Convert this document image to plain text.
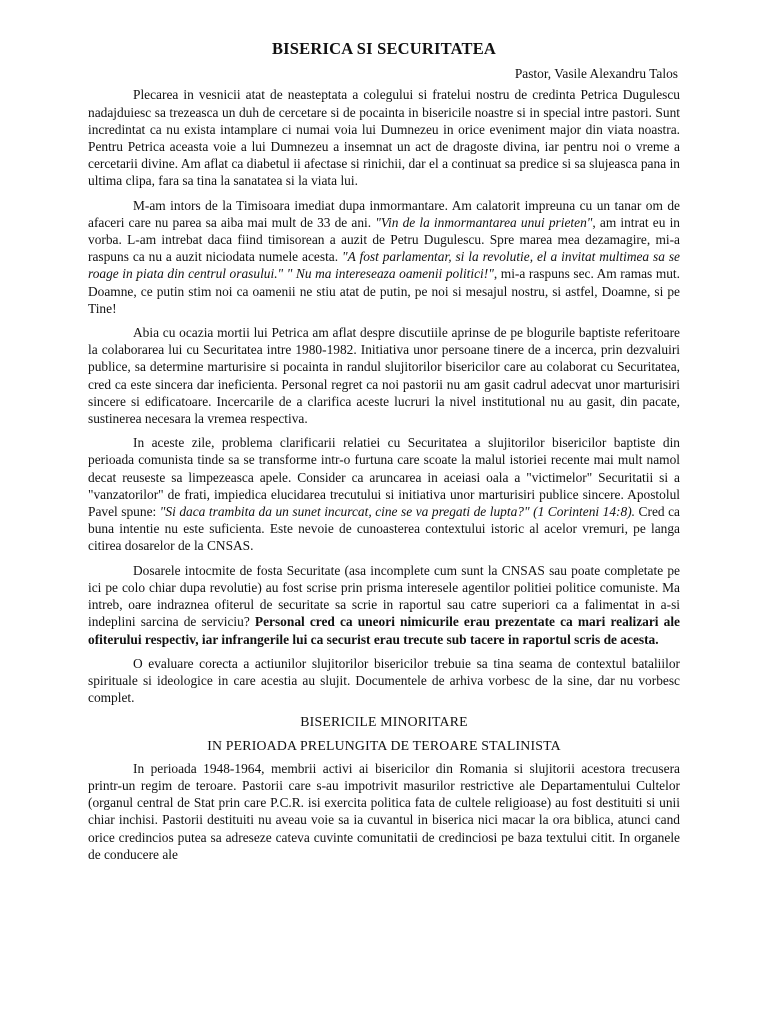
BISERICA SI SECURITATEA
Pastor, Vasile Alexandru Talos

Plecarea in vesnicii atat de neasteptata a colegului si fratelui nostru de credinta Petrica Dugulescu nadajduiesc sa trezeasca un duh de cercetare si de pocainta in bisericile noastre si in special intre pastori. Sunt incredintat ca nu exista intamplare ci numai voia lui Dumnezeu in orice eveniment major din viata noastra. Pentru Petrica aceasta voie a lui Dumnezeu a insemnat un act de dragoste divina, iar pentru noi o vreme a cercetarii divine. Am aflat ca diabetul ii afectase si rinichii, dar el a continuat sa predice si sa slujeasca pana in ultima clipa, fara sa tina la sanatatea si la viata lui.

M-am intors de la Timisoara imediat dupa inmormantare. Am calatorit impreuna cu un tanar om de afaceri care nu parea sa aiba mai mult de 33 de ani. "Vin de la inmormantarea unui prieten", am intrat eu in vorba. L-am intrebat daca fiind timisorean a auzit de Petru Dugulescu. Spre marea mea dezamagire, mi-a raspuns ca nu a auzit niciodata numele acesta. "A fost parlamentar, si la revolutie, el a invitat multimea sa se roage in piata din centrul orasului." " Nu ma intereseaza oamenii politici!", mi-a raspuns sec. Am ramas mut. Doamne, ce putin stim noi ca oamenii ne stiu atat de putin, pe noi si mesajul nostru, si astfel, Doamne, si pe Tine!

Abia cu ocazia mortii lui Petrica am aflat despre discutiile aprinse de pe blogurile baptiste referitoare la colaborarea lui cu Securitatea intre 1980-1982. Initiativa unor persoane tinere de a incerca, prin dezvaluiri publice, sa determine marturisire si pocainta in randul slujitorilor bisericilor care au colaborat cu Securitatea, cred ca este sincera dar ineficienta. Personal regret ca noi pastorii nu am gasit cadrul adecvat unor marturisiri sincere si edificatoare. Incercarile de a clarifica aceste lucruri la nivel institutional nu au gasit, din pacate, sustinerea necesara la vremea respectiva.

In aceste zile, problema clarificarii relatiei cu Securitatea a slujitorilor bisericilor baptiste din perioada comunista tinde sa se transforme intr-o furtuna care scoate la malul istoriei recente mai mult namol decat reuseste sa limpezeasca apele. Consider ca aruncarea in aceiasi oala a "victimelor" Securitatii si a "vanzatorilor" de frati, impiedica elucidarea trecutului si initiativa unor marturisiri publice sincere. Apostolul Pavel spune: "Si daca trambita da un sunet incurcat, cine se va pregati de lupta?" (1 Corinteni 14:8). Cred ca buna intentie nu este suficienta. Este nevoie de cunoasterea contextului istoric al acelor vremuri, pe langa citirea dosarelor de la CNSAS.

Dosarele intocmite de fosta Securitate (asa incomplete cum sunt la CNSAS sau poate completate pe ici pe colo chiar dupa revolutie) au fost scrise prin prisma interesele agentilor politiei politice comuniste. Ma intreb, oare indraznea ofiterul de securitate sa scrie in raportul sau catre superiori ca a falimentat in a-si indeplini sarcina de serviciu? Personal cred ca uneori nimicurile erau prezentate ca mari realizari ale ofiterului respectiv, iar infrangerile lui ca securist erau trecute sub tacere in raportul scris de acesta.

O evaluare corecta a actiunilor slujitorilor bisericilor trebuie sa tina seama de contextul bataliilor spirituale si ideologice in care acestia au slujit. Documentele de arhiva vorbesc de la sine, dar nu vorbesc complet.

BISERICILE MINORITARE
IN PERIOADA PRELUNGITA DE TEROARE STALINISTA

In perioada 1948-1964, membrii activi ai bisericilor din Romania si slujitorii acestora trecusera printr-un regim de teroare. Pastorii care s-au impotrivit masurilor restrictive ale Departamentului Cultelor (organul central de Stat prin care P.C.R. isi exercita politica fata de cultele religioase) au fost destituiti si unii chiar inchisi. Pastorii destituiti nu aveau voie sa ia cuvantul in biserica nici macar la ora biblica, atunci cand orice credincios putea sa adreseze cateva cuvinte comunitatii de credinciosi pe baza textului citit. In organele de conducere ale
